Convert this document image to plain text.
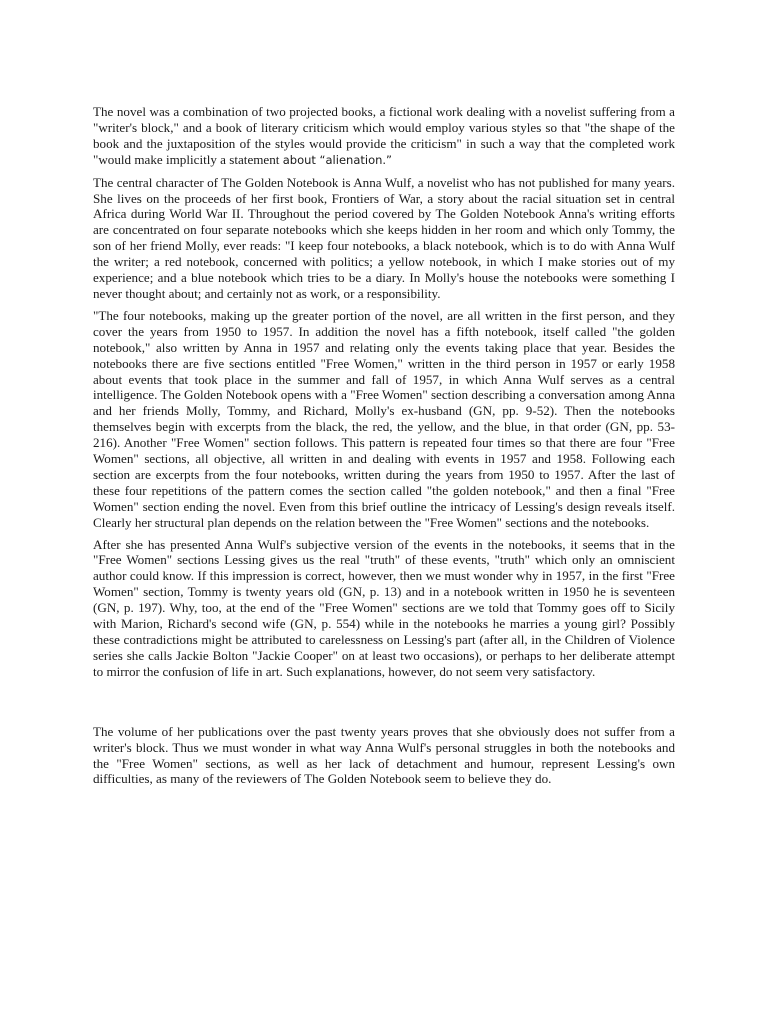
The novel was a combination of two projected books, a fictional work dealing with a novelist suffering from a "writer's block," and a book of literary criticism which would employ various styles so that "the shape of the book and the juxtaposition of the styles would provide the criticism" in such a way that the completed work "would make implicitly a statement about “alienation.”

The central character of The Golden Notebook is Anna Wulf, a novelist who has not published for many years. She lives on the proceeds of her first book, Frontiers of War, a story about the racial situation set in central Africa during World War II. Throughout the period covered by The Golden Notebook Anna's writing efforts are concentrated on four separate notebooks which she keeps hidden in her room and which only Tommy, the son of her friend Molly, ever reads: "I keep four notebooks, a black notebook, which is to do with Anna Wulf the writer; a red notebook, concerned with politics; a yellow notebook, in which I make stories out of my experience; and a blue notebook which tries to be a diary. In Molly's house the notebooks were something I never thought about; and certainly not as work, or a responsibility.

"The four notebooks, making up the greater portion of the novel, are all written in the first person, and they cover the years from 1950 to 1957. In addition the novel has a fifth notebook, itself called "the golden notebook," also written by Anna in 1957 and relating only the events taking place that year. Besides the notebooks there are five sections entitled "Free Women," written in the third person in 1957 or early 1958 about events that took place in the summer and fall of 1957, in which Anna Wulf serves as a central intelligence. The Golden Notebook opens with a "Free Women" section describing a conversation among Anna and her friends Molly, Tommy, and Richard, Molly's ex-husband (GN, pp. 9-52). Then the notebooks themselves begin with excerpts from the black, the red, the yellow, and the blue, in that order (GN, pp. 53-216). Another "Free Women" section follows. This pattern is repeated four times so that there are four "Free Women" sections, all objective, all written in and dealing with events in 1957 and 1958. Following each section are excerpts from the four notebooks, written during the years from 1950 to 1957. After the last of these four repetitions of the pattern comes the section called "the golden notebook," and then a final "Free Women" section ending the novel. Even from this brief outline the intricacy of Lessing's design reveals itself. Clearly her structural plan depends on the relation between the "Free Women" sections and the notebooks.

After she has presented Anna Wulf's subjective version of the events in the notebooks, it seems that in the "Free Women" sections Lessing gives us the real "truth" of these events, "truth" which only an omniscient author could know. If this impression is correct, however, then we must wonder why in 1957, in the first "Free Women" section, Tommy is twenty years old (GN, p. 13) and in a notebook written in 1950 he is seventeen (GN, p. 197). Why, too, at the end of the "Free Women" sections are we told that Tommy goes off to Sicily with Marion, Richard's second wife (GN, p. 554) while in the notebooks he marries a young girl? Possibly these contradictions might be attributed to carelessness on Lessing's part (after all, in the Children of Violence series she calls Jackie Bolton "Jackie Cooper" on at least two occasions), or perhaps to her deliberate attempt to mirror the confusion of life in art. Such explanations, however, do not seem very satisfactory.

The volume of her publications over the past twenty years proves that she obviously does not suffer from a writer's block. Thus we must wonder in what way Anna Wulf's personal struggles in both the notebooks and the "Free Women" sections, as well as her lack of detachment and humour, represent Lessing's own difficulties, as many of the reviewers of The Golden Notebook seem to believe they do.
